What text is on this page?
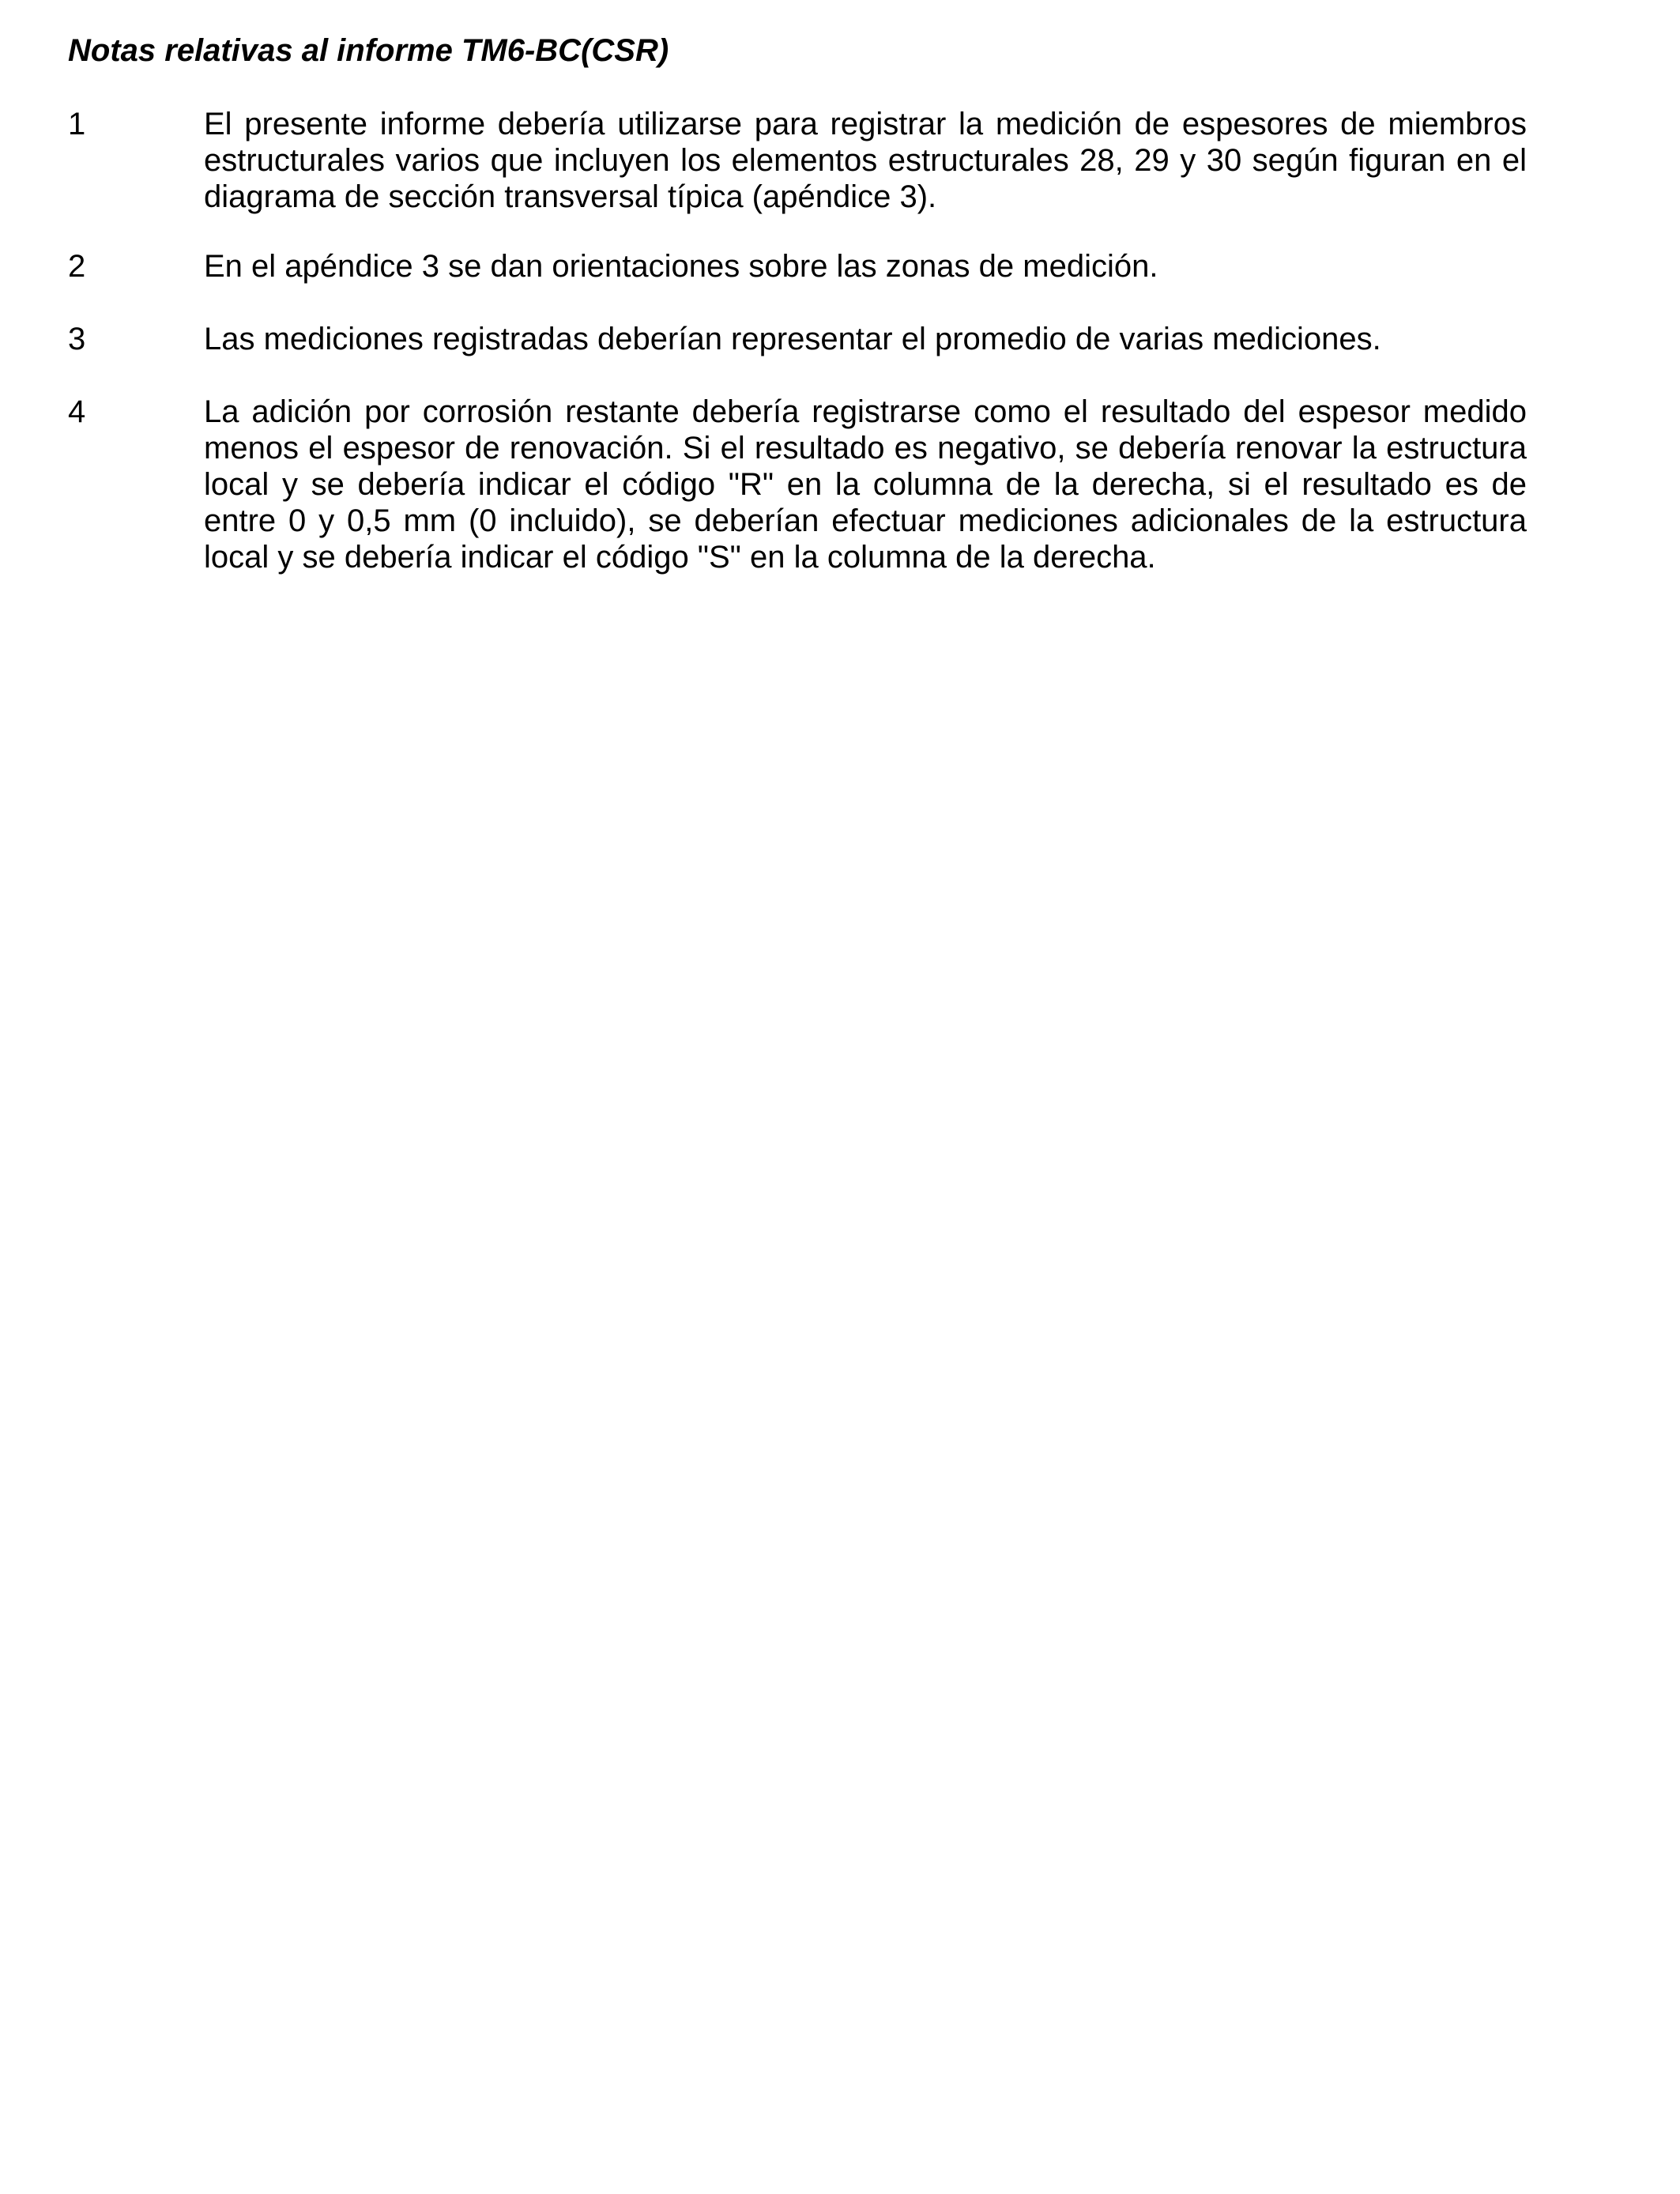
Notas relativas al informe TM6-BC(CSR)
1	El presente informe debería utilizarse para registrar la medición de espesores de miembros estructurales varios que incluyen los elementos estructurales 28, 29 y 30 según figuran en el diagrama de sección transversal típica (apéndice 3).

2	En el apéndice 3 se dan orientaciones sobre las zonas de medición.

3	Las mediciones registradas deberían representar el promedio de varias mediciones.

4	La adición por corrosión restante debería registrarse como el resultado del espesor medido menos el espesor de renovación. Si el resultado es negativo, se debería renovar la estructura local y se debería indicar el código "R" en la columna de la derecha, si el resultado es de entre 0 y 0,5 mm (0 incluido), se deberían efectuar mediciones adicionales de la estructura local y se debería indicar el código "S" en la columna de la derecha.
